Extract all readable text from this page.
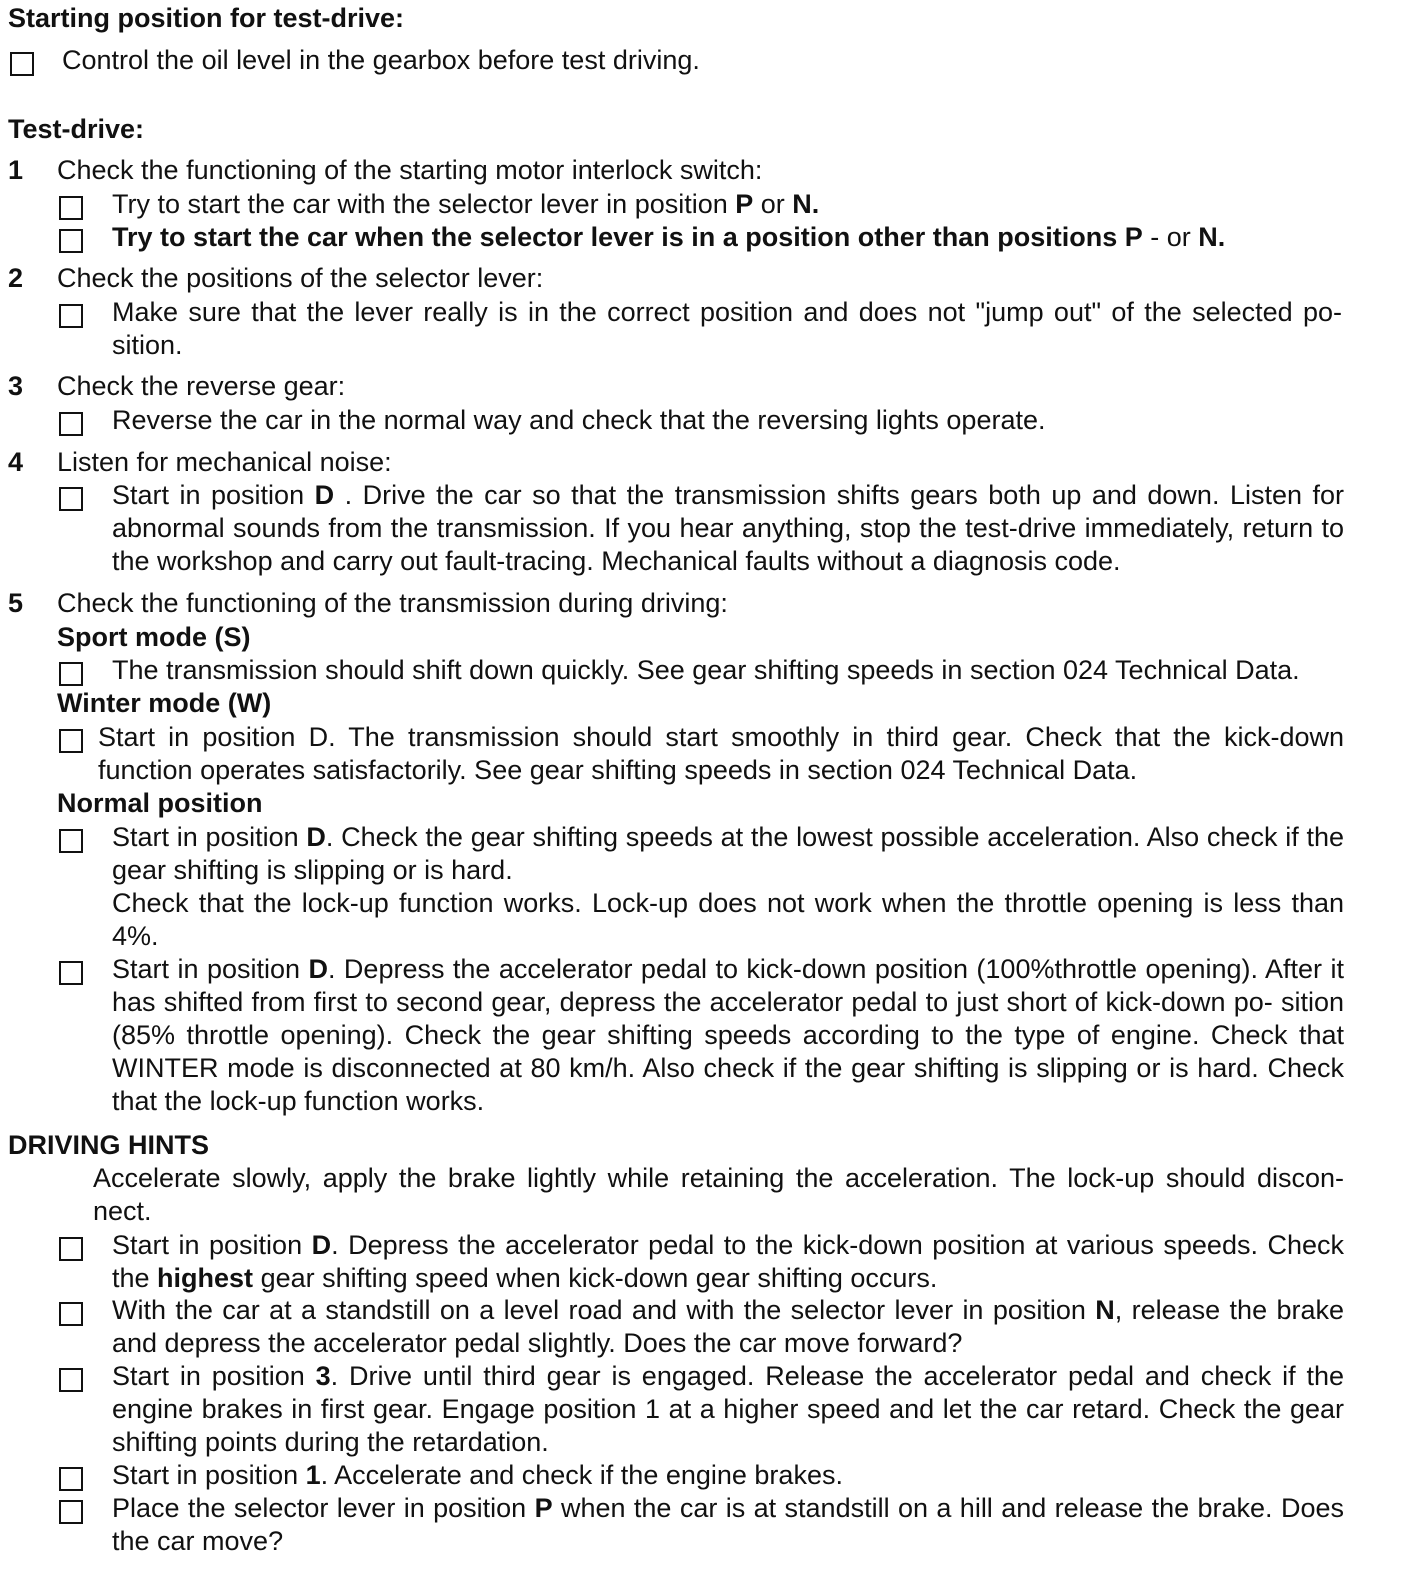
Starting position for test-drive:
Control the oil level in the gearbox before test driving.
Test-drive:
1 Check the functioning of the starting motor interlock switch:
Try to start the car with the selector lever in position P or N.
Try to start the car when the selector lever is in a position other than positions P - or N.
2 Check the positions of the selector lever:
Make sure that the lever really is in the correct position and does not "jump out" of the selected po- sition.
3 Check the reverse gear:
Reverse the car in the normal way and check that the reversing lights operate.
4 Listen for mechanical noise:
Start in position D . Drive the car so that the transmission shifts gears both up and down. Listen for abnormal sounds from the transmission. If you hear anything, stop the test-drive immediately, return to the workshop and carry out fault-tracing. Mechanical faults without a diagnosis code.
5 Check the functioning of the transmission during driving:
Sport mode (S)
The transmission should shift down quickly. See gear shifting speeds in section 024 Technical Data.
Winter mode (W)
Start in position D. The transmission should start smoothly in third gear. Check that the kick-down function operates satisfactorily. See gear shifting speeds in section 024 Technical Data.
Normal position
Start in position D. Check the gear shifting speeds at the lowest possible acceleration. Also check if the gear shifting is slipping or is hard.
Check that the lock-up function works. Lock-up does not work when the throttle opening is less than 4%.
Start in position D. Depress the accelerator pedal to kick-down position (100%throttle opening). After it has shifted from first to second gear, depress the accelerator pedal to just short of kick-down po- sition (85% throttle opening). Check the gear shifting speeds according to the type of engine. Check that WINTER mode is disconnected at 80 km/h. Also check if the gear shifting is slipping or is hard. Check that the lock-up function works.
DRIVING HINTS
Accelerate slowly, apply the brake lightly while retaining the acceleration. The lock-up should discon- nect.
Start in position D. Depress the accelerator pedal to the kick-down position at various speeds. Check the highest gear shifting speed when kick-down gear shifting occurs.
With the car at a standstill on a level road and with the selector lever in position N, release the brake and depress the accelerator pedal slightly. Does the car move forward?
Start in position 3. Drive until third gear is engaged. Release the accelerator pedal and check if the engine brakes in first gear. Engage position 1 at a higher speed and let the car retard. Check the gear shifting points during the retardation.
Start in position 1. Accelerate and check if the engine brakes.
Place the selector lever in position P when the car is at standstill on a hill and release the brake. Does the car move?
